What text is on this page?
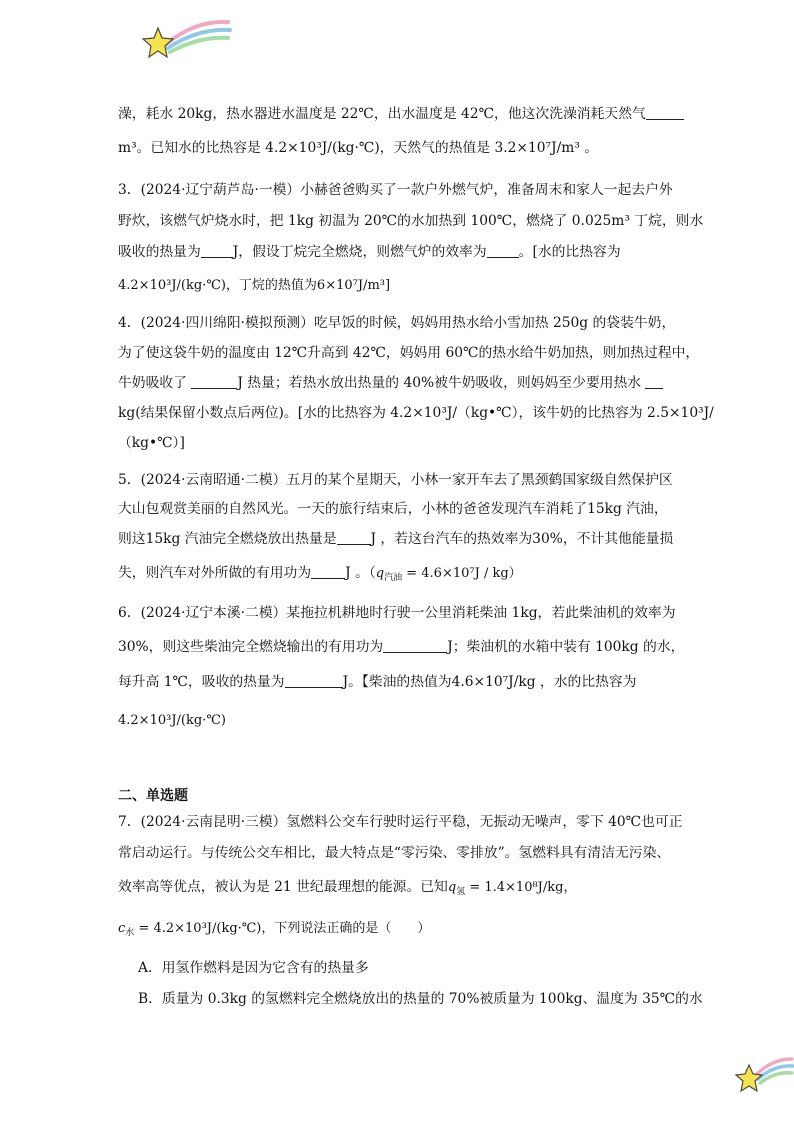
澡，耗水 20kg，热水器进水温度是 22℃，出水温度是 42℃，他这次洗澡消耗天然气
m³。已知水的比热容是 4.2×10³J/(kg·℃)，天然气的热值是 3.2×10⁷J/m³ 。
3．(2024·辽宁葫芦岛·一模）小赫爸爸购买了一款户外燃气炉，准备周末和家人一起去户外
野炊，该燃气炉烧水时，把 1kg 初温为 20℃的水加热到 100℃，燃烧了 0.025m³ 丁烷，则水
吸收的热量为 J，假设丁烷完全燃烧，则燃气炉的效率为 。[水的比热容为
4.2×10³J/(kg·℃)，丁烷的热值为6×10⁷J/m³]
4．(2024·四川绵阳·模拟预测）吃早饭的时候，妈妈用热水给小雪加热 250g 的袋装牛奶，
为了使这袋牛奶的温度由 12℃升高到 42℃，妈妈用 60℃的热水给牛奶加热，则加热过程中，
牛奶吸收了	J 热量；若热水放出热量的 40%被牛奶吸收，则妈妈至少要用热水
kg(结果保留小数点后两位)。[水的比热容为 4.2×10³J/（kg•℃），该牛奶的比热容为 2.5×10³J/
（kg•℃）]
5．(2024·云南昭通·二模）五月的某个星期天，小林一家开车去了黑颈鹤国家级自然保护区
大山包观赏美丽的自然风光。一天的旅行结束后，小林的爸爸发现汽车消耗了15kg 汽油，
则这15kg 汽油完全燃烧放出热量是 J ，若这台汽车的热效率为30%，不计其他能量损
失，则汽车对外所做的有用功为 J 。$(q_{汽油} = 4.6\times 10^7J / kg)$
6．(2024·辽宁本溪·二模）某拖拉机耕地时行驶一公里消耗柴油 1kg，若此柴油机的效率为
30%，则这些柴油完全燃烧输出的有用功为	J；柴油机的水箱中装有 100kg 的水，
每升高 1℃，吸收的热量为	J。【柴油的热值为4.6×10⁷J/kg ，水的比热容为
4.2×10³J/(kg·℃)
二、单选题
7．(2024·云南昆明·三模）氢燃料公交车行驶时运行平稳，无振动无噪声，零下 40℃也可正
常启动运行。与传统公交车相比，最大特点是“零污染、零排放”。氢燃料具有清洁无污染、
效率高等优点，被认为是 21 世纪最理想的能源。已知$q_氢 = 1.4\times 10^8J/kg$，
$c_水$ = 4.2×10³J/(kg·℃)，下列说法正确的是（　　）
A．用氢作燃料是因为它含有的热量多
B．质量为 0.3kg 的氢燃料完全燃烧放出的热量的 70%被质量为 100kg、温度为 35℃的水
